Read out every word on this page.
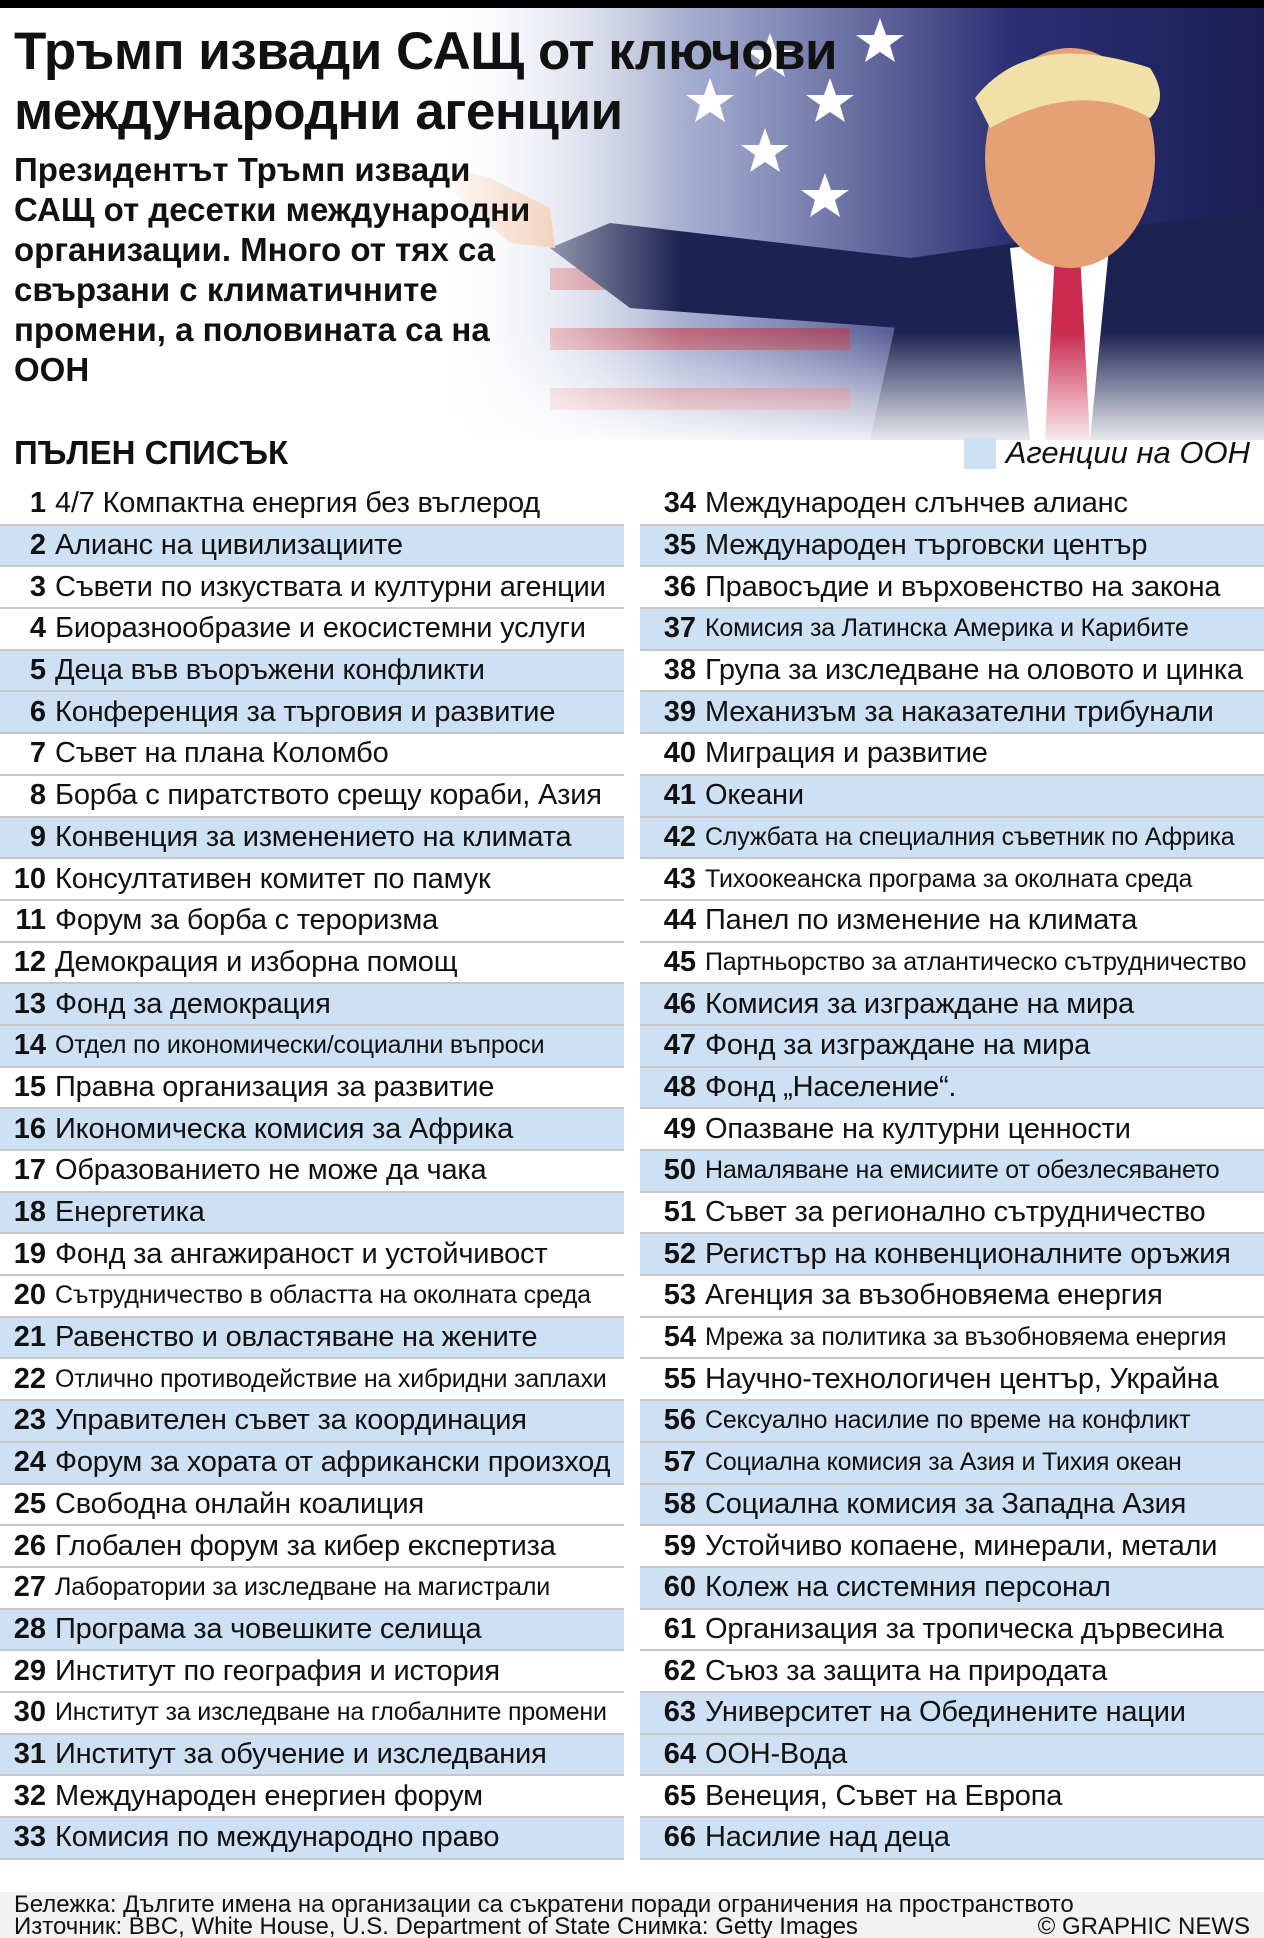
Тръмп извади САЩ от ключови международни агенции
Президентът Тръмп извади САЩ от десетки международни организации. Много от тях са свързани с климатичните промени, а половината са на ООН
ПЪЛЕН СПИСЪК	Агенции на ООН
1 4/7 Компактна енергия без въглерод
2 Алианс на цивилизациите
3 Съвети по изкуствата и културни агенции
4 Биоразнообразие и екосистемни услуги
5 Деца във въоръжени конфликти
6 Конференция за търговия и развитие
7 Съвет на плана Коломбо
8 Борба с пиратството срещу кораби, Азия
9 Конвенция за изменението на климата
10 Консултативен комитет по памук
11 Форум за борба с тероризма
12 Демокрация и изборна помощ
13 Фонд за демокрация
14 Отдел по икономически/социални въпроси
15 Правна организация за развитие
16 Икономическа комисия за Африка
17 Образованието не може да чака
18 Енергетика
19 Фонд за ангажираност и устойчивост
20 Сътрудничество в областта на околната среда
21 Равенство и овластяване на жените
22 Отлично противодействие на хибридни заплахи
23 Управителен съвет за координация
24 Форум за хората от африкански произход
25 Свободна онлайн коалиция
26 Глобален форум за кибер експертиза
27 Лаборатории за изследване на магистрали
28 Програма за човешките селища
29 Институт по география и история
30 Институт за изследване на глобалните промени
31 Институт за обучение и изследвания
32 Международен енергиен форум
33 Комисия по международно право
34 Международен слънчев алианс
35 Международен търговски център
36 Правосъдие и върховенство на закона
37 Комисия за Латинска Америка и Карибите
38 Група за изследване на оловото и цинка
39 Механизъм за наказателни трибунали
40 Миграция и развитие
41 Океани
42 Службата на специалния съветник по Африка
43 Тихоокеанска програма за околната среда
44 Панел по изменение на климата
45 Партньорство за атлантическо сътрудничество
46 Комисия за изграждане на мира
47 Фонд за изграждане на мира
48 Фонд „Население“.
49 Опазване на културни ценности
50 Намаляване на емисиите от обезлесяването
51 Съвет за регионално сътрудничество
52 Регистър на конвенционалните оръжия
53 Агенция за възобновяема енергия
54 Мрежа за политика за възобновяема енергия
55 Научно-технологичен център, Украйна
56 Сексуално насилие по време на конфликт
57 Социална комисия за Азия и Тихия океан
58 Социална комисия за Западна Азия
59 Устойчиво копаене, минерали, метали
60 Колеж на системния персонал
61 Организация за тропическа дървесина
62 Съюз за защита на природата
63 Университет на Обединените нации
64 ООН-Вода
65 Венеция, Съвет на Европа
66 Насилие над деца
Бележка: Дългите имена на организации са съкратени поради ограничения на пространството
Източник: BBC, White House, U.S. Department of State Снимка: Getty Images	© GRAPHIC NEWS
